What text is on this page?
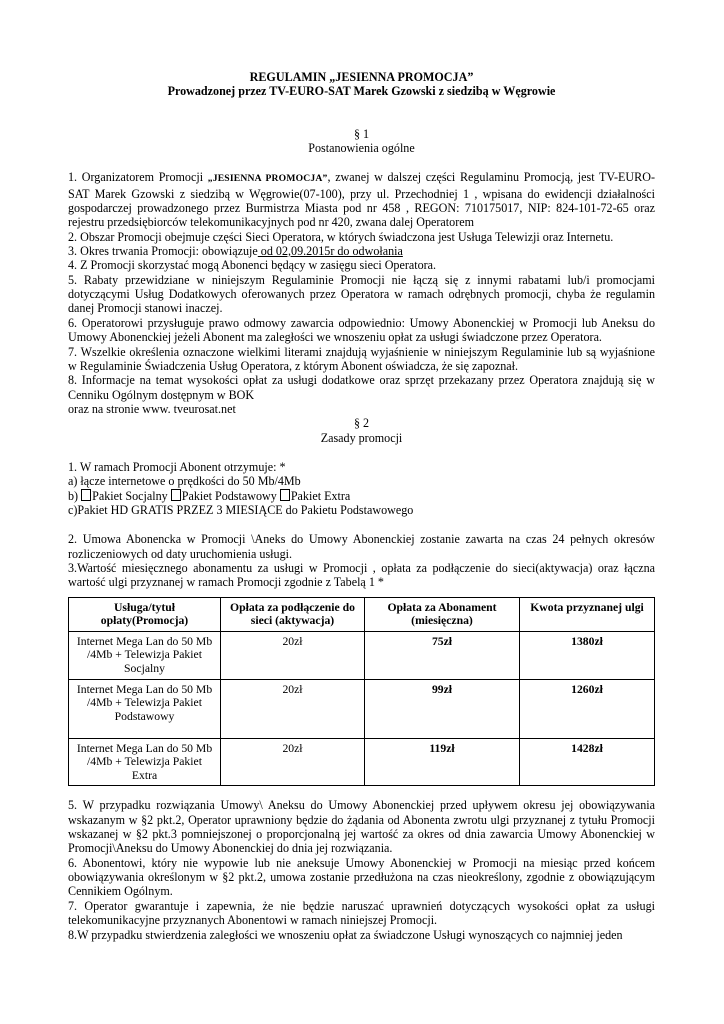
REGULAMIN „JESIENNA PROMOCJA”

Prowadzonej przez TV-EURO-SAT Marek Gzowski z siedzibą w Węgrowie

§ 1

Postanowienia ogólne

1. Organizatorem Promocji „JESIENNA PROMOCJA”, zwanej w dalszej części Regulaminu Promocją, jest TV-EURO-SAT Marek Gzowski z siedzibą w Węgrowie(07-100), przy ul. Przechodniej 1 , wpisana do ewidencji działalności gospodarczej prowadzonego przez Burmistrza Miasta pod nr 458 , REGON: 710175017, NIP: 824-101-72-65 oraz rejestru przedsiębiorców telekomunikacyjnych pod nr 420, zwana dalej Operatorem

2. Obszar Promocji obejmuje części Sieci Operatora, w których świadczona jest Usługa Telewizji oraz Internetu.

3. Okres trwania Promocji: obowiązuje od 02,09.2015r do odwołania

4. Z Promocji skorzystać mogą Abonenci będący w zasięgu sieci Operatora.

5. Rabaty przewidziane w niniejszym Regulaminie Promocji nie łączą się z innymi rabatami lub/i promocjami dotyczącymi Usług Dodatkowych oferowanych przez Operatora w ramach odrębnych promocji, chyba że regulamin danej Promocji stanowi inaczej.

6. Operatorowi przysługuje prawo odmowy zawarcia odpowiednio: Umowy Abonenckiej w Promocji lub Aneksu do Umowy Abonenckiej jeżeli Abonent ma zaległości we wnoszeniu opłat za usługi świadczone przez Operatora.

7. Wszelkie określenia oznaczone wielkimi literami znajdują wyjaśnienie w niniejszym Regulaminie lub są wyjaśnione w Regulaminie Świadczenia Usług Operatora, z którym Abonent oświadcza, że się zapoznał.

8. Informacje na temat wysokości opłat za usługi dodatkowe oraz sprzęt przekazany przez Operatora znajdują się w Cenniku Ogólnym dostępnym w BOK

oraz na stronie www. tveurosat.net

§ 2

Zasady promocji

1. W ramach Promocji Abonent otrzymuje: *

a) łącze internetowe o prędkości do 50 Mb/4Mb

b) Pakiet Socjalny Pakiet Podstawowy Pakiet Extra

c)Pakiet HD GRATIS PRZEZ 3 MIESIĄCE do Pakietu Podstawowego

2. Umowa Abonencka w Promocji \Aneks do Umowy Abonenckiej zostanie zawarta na czas 24 pełnych okresów rozliczeniowych od daty uruchomienia usługi.

3.Wartość miesięcznego abonamentu za usługi w Promocji , opłata za podłączenie do sieci(aktywacja) oraz łączna wartość ulgi przyznanej w ramach Promocji zgodnie z Tabelą 1 *

Usługa/tytuł opłaty(Promocja)	Opłata za podłączenie do sieci (aktywacja)	Opłata za Abonament (miesięczna)	Kwota przyznanej ulgi
Internet Mega Lan do 50 Mb /4Mb + Telewizja Pakiet Socjalny	20zł	75zł	1380zł
Internet Mega Lan do 50 Mb /4Mb + Telewizja Pakiet Podstawowy	20zł	99zł	1260zł
Internet Mega Lan do 50 Mb /4Mb + Telewizja Pakiet Extra	20zł	119zł	1428zł

5. W przypadku rozwiązania Umowy\ Aneksu do Umowy Abonenckiej przed upływem okresu jej obowiązywania wskazanym w §2 pkt.2, Operator uprawniony będzie do żądania od Abonenta zwrotu ulgi przyznanej z tytułu Promocji wskazanej w §2 pkt.3 pomniejszonej o proporcjonalną jej wartość za okres od dnia zawarcia Umowy Abonenckiej w Promocji\Aneksu do Umowy Abonenckiej do dnia jej rozwiązania.

6. Abonentowi, który nie wypowie lub nie aneksuje Umowy Abonenckiej w Promocji na miesiąc przed końcem obowiązywania określonym w §2 pkt.2, umowa zostanie przedłużona na czas nieokreślony, zgodnie z obowiązującym Cennikiem Ogólnym.

7. Operator gwarantuje i zapewnia, że nie będzie naruszać uprawnień dotyczących wysokości opłat za usługi telekomunikacyjne przyznanych Abonentowi w ramach niniejszej Promocji.

8.W przypadku stwierdzenia zaległości we wnoszeniu opłat za świadczone Usługi wynoszących co najmniej jeden
